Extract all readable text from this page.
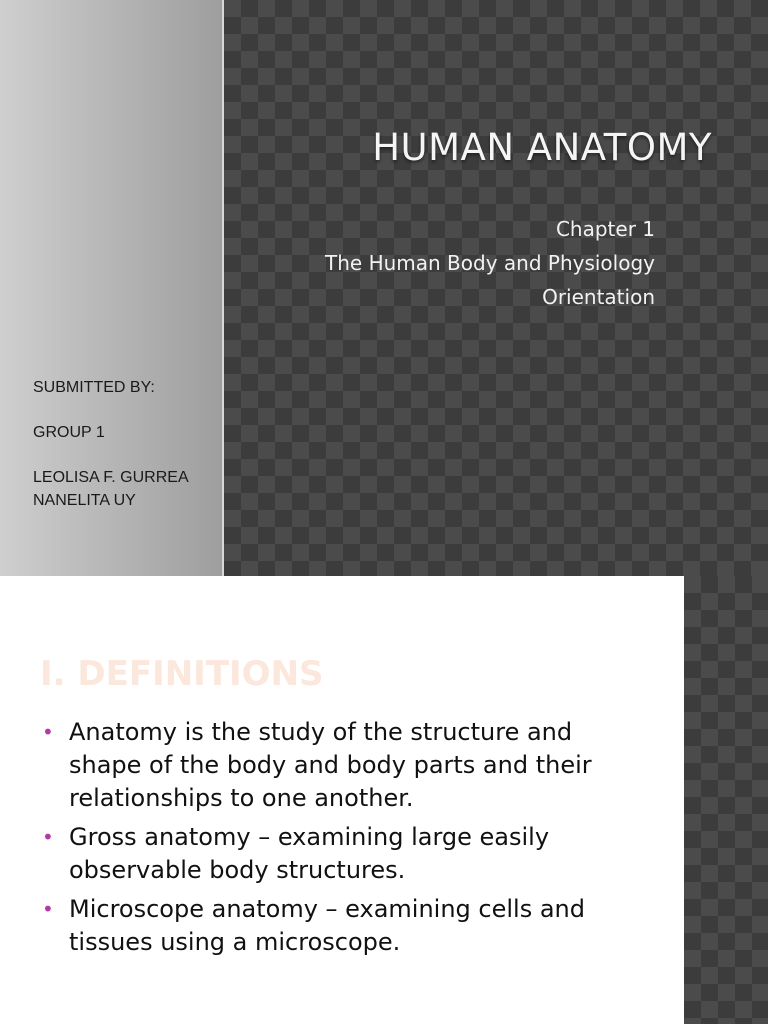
SUBMITTED BY:
GROUP 1
LEOLISA F. GURREA
NANELITA UY
HUMAN ANATOMY
Chapter 1
The Human Body and Physiology
Orientation
I. DEFINITIONS
• Anatomy is the study of the structure and shape of the body and body parts and their relationships to one another.
• Gross anatomy – examining large easily observable body structures.
• Microscope anatomy – examining cells and tissues using a microscope.
